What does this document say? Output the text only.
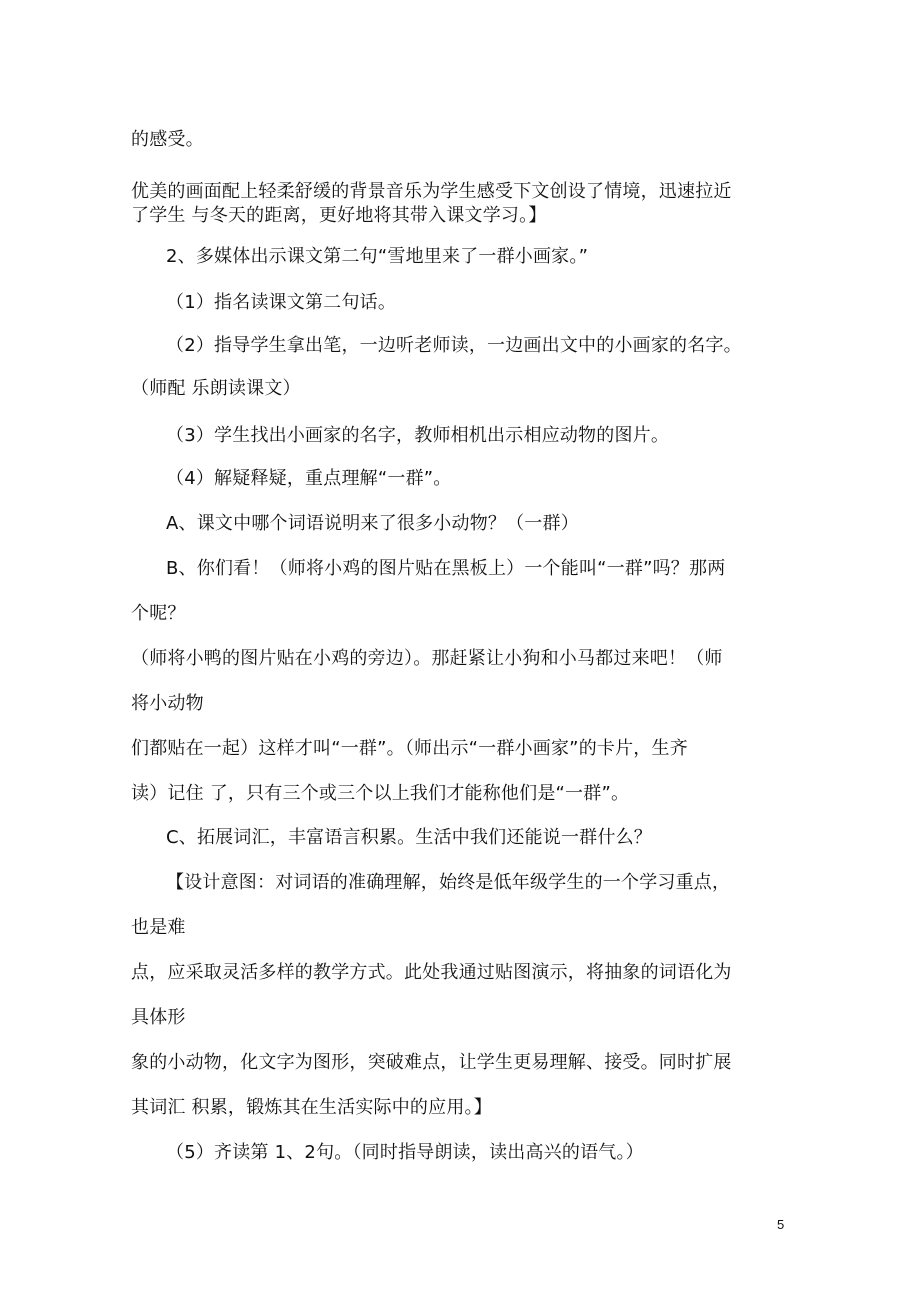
的感受。
优美的画面配上轻柔舒缓的背景音乐为学生感受下文创设了情境，迅速拉近
了学生 与冬天的距离，更好地将其带入课文学习。】
2、多媒体出示课文第二句“雪地里来了一群小画家。”
（1）指名读课文第二句话。
（2）指导学生拿出笔，一边听老师读，一边画出文中的小画家的名字。
（师配 乐朗读课文）
（3）学生找出小画家的名字，教师相机出示相应动物的图片。
（4）解疑释疑，重点理解“一群”。
A、课文中哪个词语说明来了很多小动物？（一群）
B、你们看！（师将小鸡的图片贴在黑板上）一个能叫“一群”吗？那两
个呢？
（师将小鸭的图片贴在小鸡的旁边）。那赶紧让小狗和小马都过来吧！（师
将小动物
们都贴在一起）这样才叫“一群”。（师出示“一群小画家”的卡片，生齐
读）记住 了，只有三个或三个以上我们才能称他们是“一群”。
C、拓展词汇，丰富语言积累。生活中我们还能说一群什么？
【设计意图：对词语的准确理解，始终是低年级学生的一个学习重点，
也是难
点，应采取灵活多样的教学方式。此处我通过贴图演示，将抽象的词语化为
具体形
象的小动物，化文字为图形，突破难点，让学生更易理解、接受。同时扩展
其词汇 积累，锻炼其在生活实际中的应用。】
（5）齐读第 1、2句。（同时指导朗读，读出高兴的语气。）
5
